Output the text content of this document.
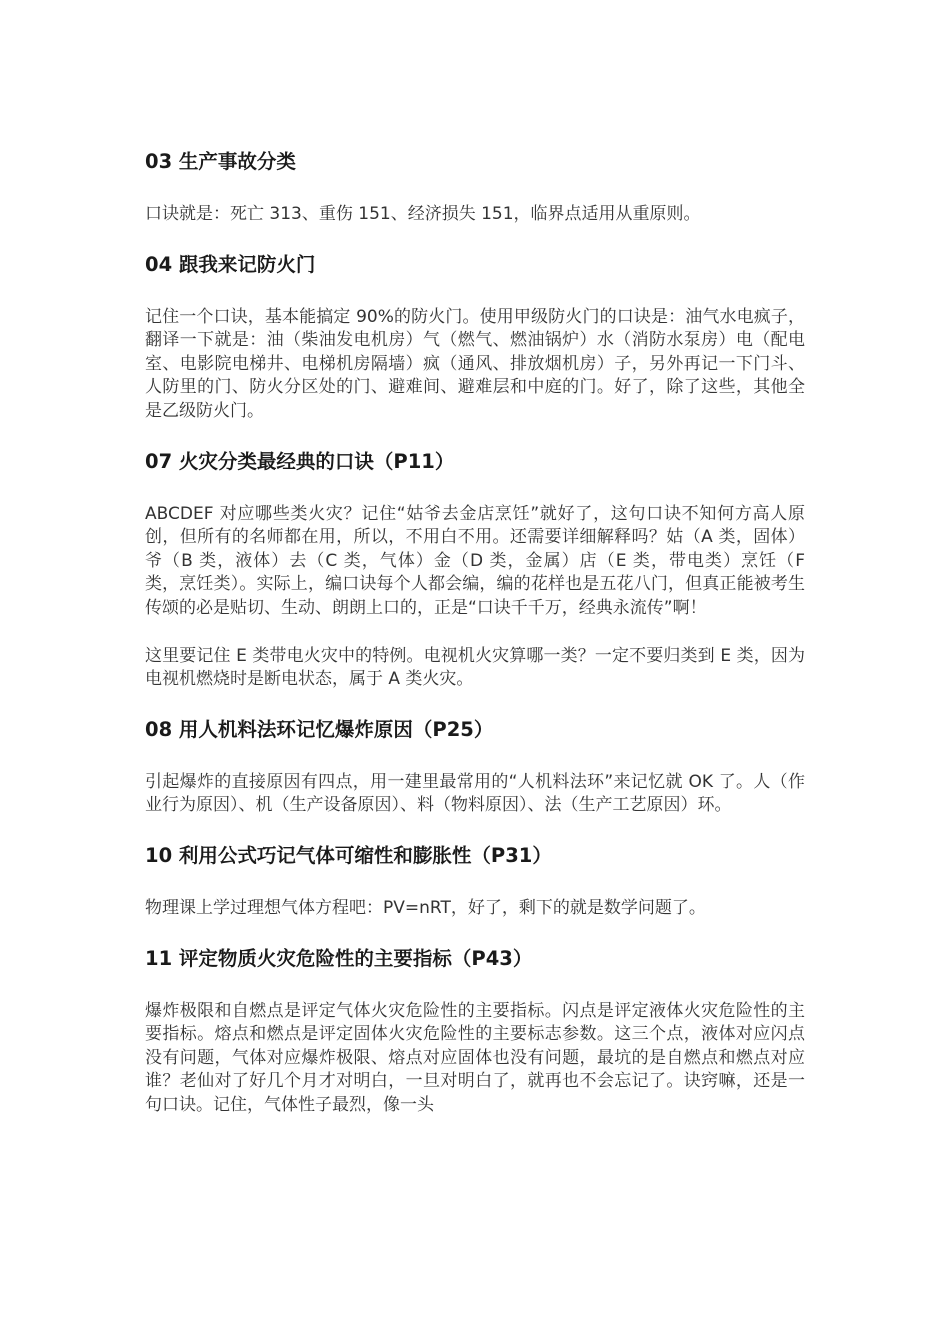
03 生产事故分类

口诀就是：死亡 313、重伤 151、经济损失 151，临界点适用从重原则。

04 跟我来记防火门

记住一个口诀，基本能搞定 90%的防火门。使用甲级防火门的口诀是：油气水电疯子，翻译一下就是：油（柴油发电机房）气（燃气、燃油锅炉）水（消防水泵房）电（配电室、电影院电梯井、电梯机房隔墙）疯（通风、排放烟机房）子，另外再记一下门斗、人防里的门、防火分区处的门、避难间、避难层和中庭的门。好了，除了这些，其他全是乙级防火门。

07 火灾分类最经典的口诀（P11）

ABCDEF 对应哪些类火灾？记住“姑爷去金店烹饪”就好了，这句口诀不知何方高人原创，但所有的名师都在用，所以，不用白不用。还需要详细解释吗？姑（A 类，固体）爷（B 类，液体）去（C 类，气体）金（D 类，金属）店（E 类，带电类）烹饪（F 类，烹饪类）。实际上，编口诀每个人都会编，编的花样也是五花八门，但真正能被考生传颂的必是贴切、生动、朗朗上口的，正是“口诀千千万，经典永流传”啊！

这里要记住 E 类带电火灾中的特例。电视机火灾算哪一类？一定不要归类到 E 类，因为电视机燃烧时是断电状态，属于 A 类火灾。

08 用人机料法环记忆爆炸原因（P25）

引起爆炸的直接原因有四点，用一建里最常用的“人机料法环”来记忆就 OK 了。人（作业行为原因）、机（生产设备原因）、料（物料原因）、法（生产工艺原因）环。

10 利用公式巧记气体可缩性和膨胀性（P31）

物理课上学过理想气体方程吧：PV=nRT，好了，剩下的就是数学问题了。

11 评定物质火灾危险性的主要指标（P43）

爆炸极限和自燃点是评定气体火灾危险性的主要指标。闪点是评定液体火灾危险性的主要指标。熔点和燃点是评定固体火灾危险性的主要标志参数。这三个点，液体对应闪点没有问题，气体对应爆炸极限、熔点对应固体也没有问题，最坑的是自燃点和燃点对应谁？老仙对了好几个月才对明白，一旦对明白了，就再也不会忘记了。诀窍嘛，还是一句口诀。记住，气体性子最烈，像一头
